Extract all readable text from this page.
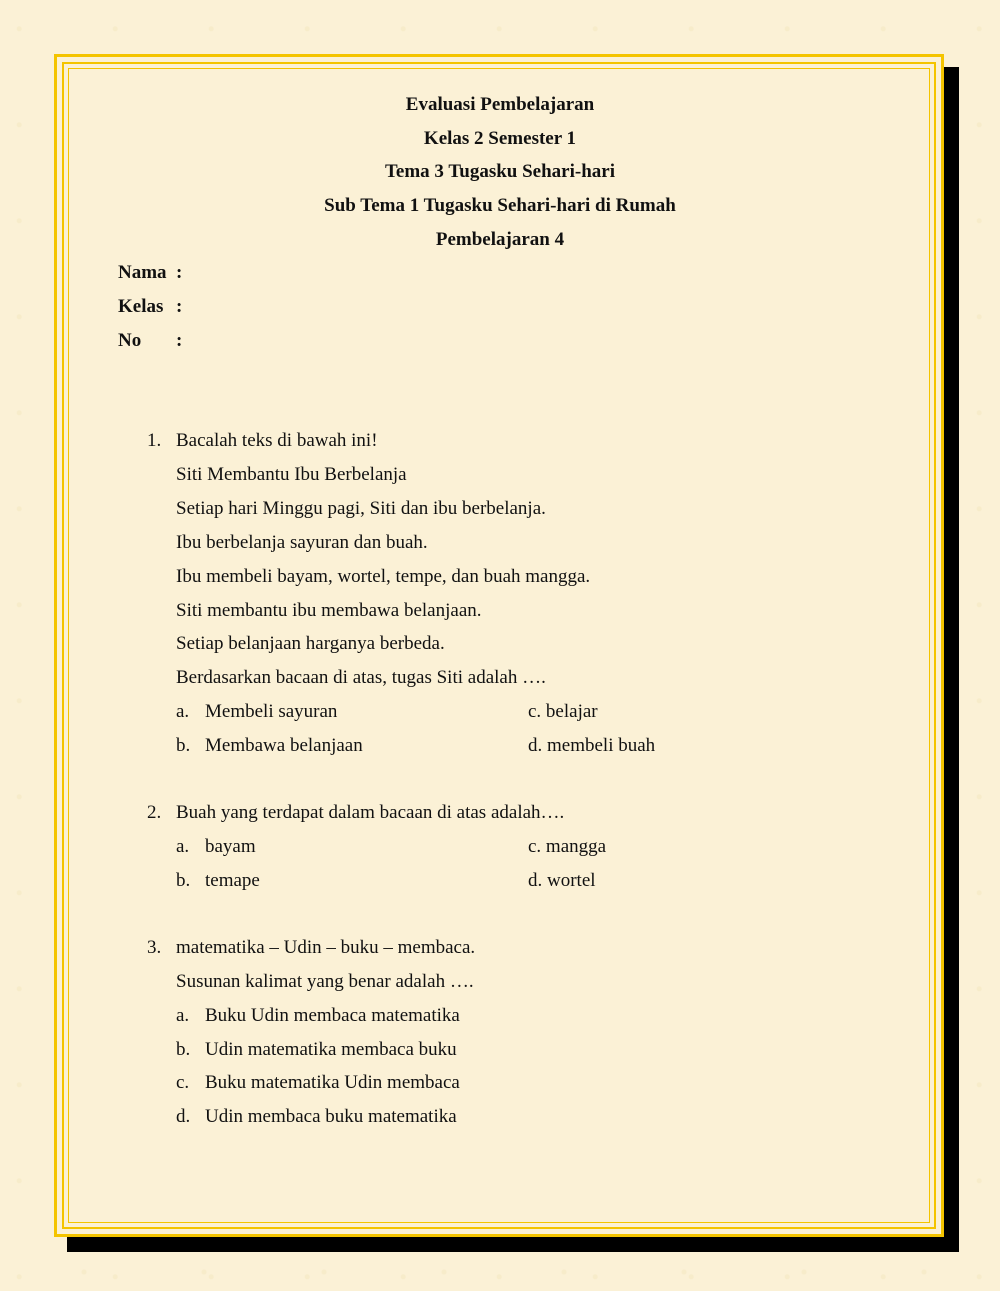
Evaluasi Pembelajaran
Kelas 2 Semester 1
Tema 3 Tugasku Sehari-hari
Sub Tema 1 Tugasku Sehari-hari di Rumah
Pembelajaran 4
Nama :
Kelas :
No :
1. Bacalah teks di bawah ini!
Siti Membantu Ibu Berbelanja
Setiap hari Minggu pagi, Siti dan ibu berbelanja.
Ibu berbelanja sayuran dan buah.
Ibu membeli bayam, wortel, tempe, dan buah mangga.
Siti membantu ibu membawa belanjaan.
Setiap belanjaan harganya berbeda.
Berdasarkan bacaan di atas, tugas Siti adalah ….
a. Membeli sayuran	c. belajar
b. Membawa belanjaan	d. membeli buah
2. Buah yang terdapat dalam bacaan di atas adalah….
a. bayam	c. mangga
b. temape	d. wortel
3. matematika – Udin – buku – membaca.
Susunan kalimat yang benar adalah ….
a. Buku Udin membaca matematika
b. Udin matematika membaca buku
c. Buku matematika Udin membaca
d. Udin membaca buku matematika
